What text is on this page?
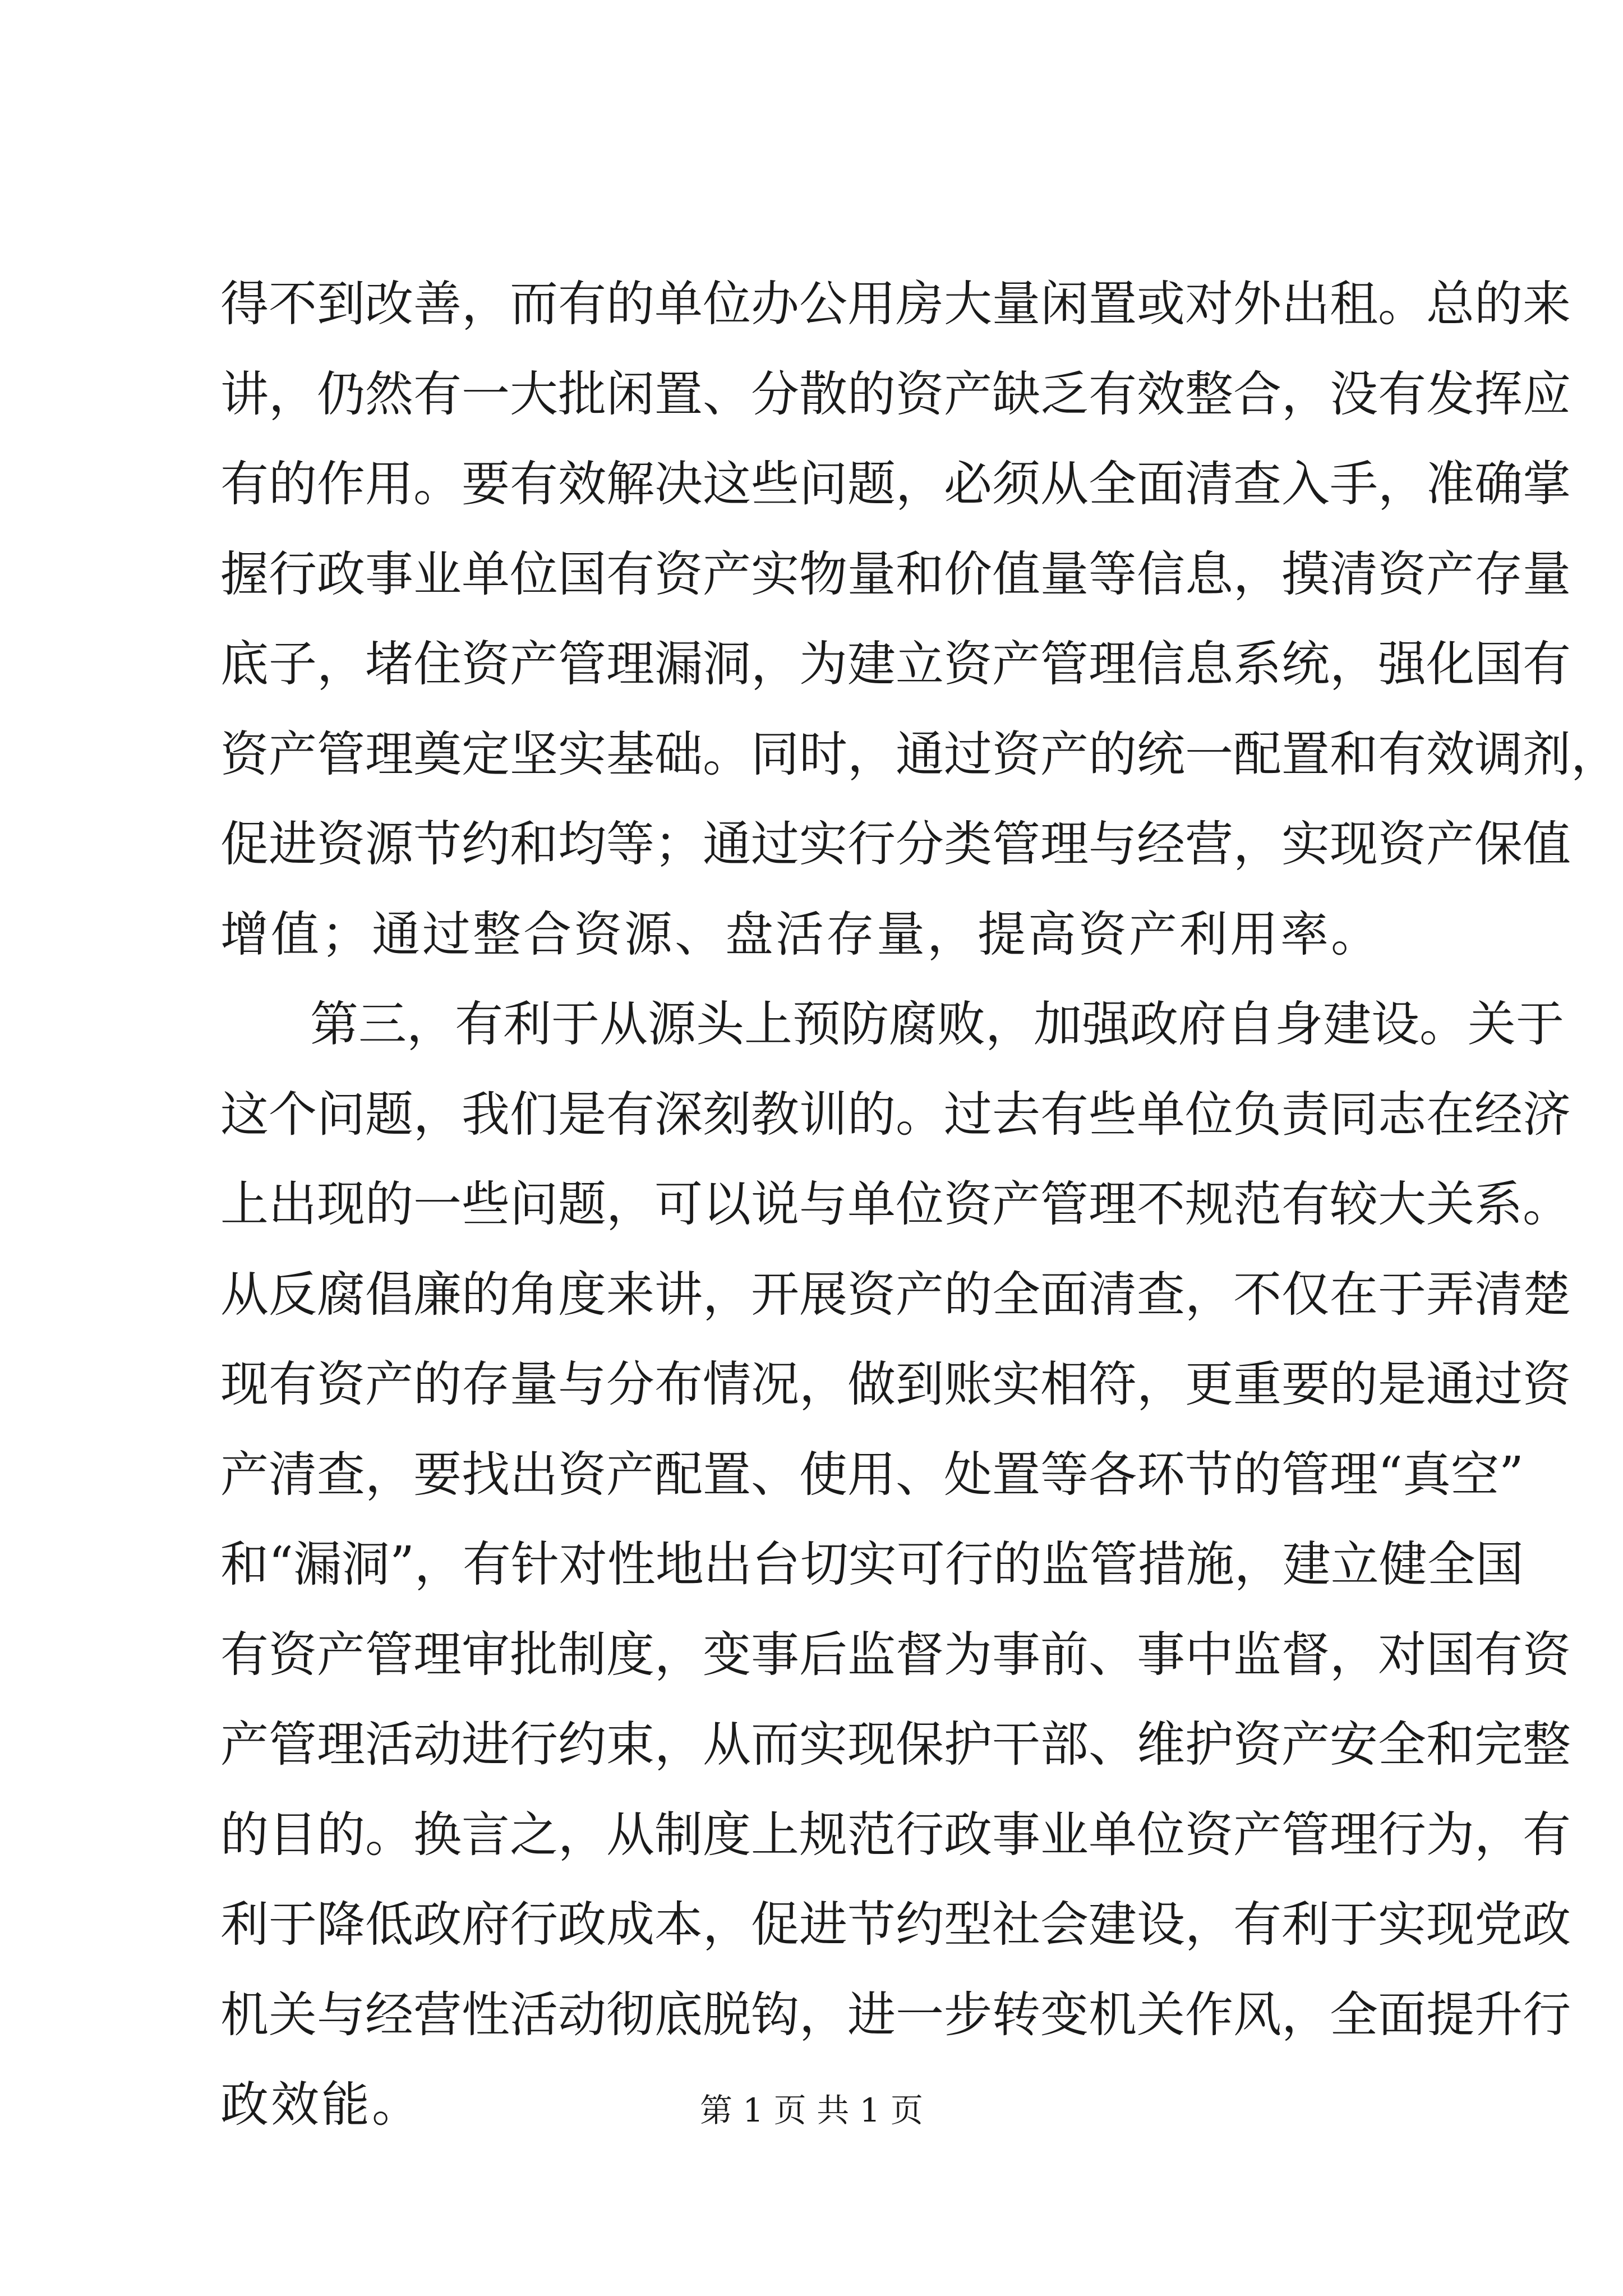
得不到改善，而有的单位办公用房大量闲置或对外出租。总的来
讲，仍然有一大批闲置、分散的资产缺乏有效整合，没有发挥应
有的作用。要有效解决这些问题，必须从全面清查入手，准确掌
握行政事业单位国有资产实物量和价值量等信息，摸清资产存量
底子，堵住资产管理漏洞，为建立资产管理信息系统，强化国有
资产管理奠定坚实基础。同时，通过资产的统一配置和有效调剂，
促进资源节约和均等；通过实行分类管理与经营，实现资产保值
增值；通过整合资源、盘活存量，提高资产利用率。
第三，有利于从源头上预防腐败，加强政府自身建设。关于
这个问题，我们是有深刻教训的。过去有些单位负责同志在经济
上出现的一些问题，可以说与单位资产管理不规范有较大关系。
从反腐倡廉的角度来讲，开展资产的全面清查，不仅在于弄清楚
现有资产的存量与分布情况，做到账实相符，更重要的是通过资
产清查，要找出资产配置、使用、处置等各环节的管理“真空”
和“漏洞”，有针对性地出台切实可行的监管措施，建立健全国
有资产管理审批制度，变事后监督为事前、事中监督，对国有资
产管理活动进行约束，从而实现保护干部、维护资产安全和完整
的目的。换言之，从制度上规范行政事业单位资产管理行为，有
利于降低政府行政成本，促进节约型社会建设，有利于实现党政
机关与经营性活动彻底脱钩，进一步转变机关作风，全面提升行
政效能。	第 1 页 共 1 页
